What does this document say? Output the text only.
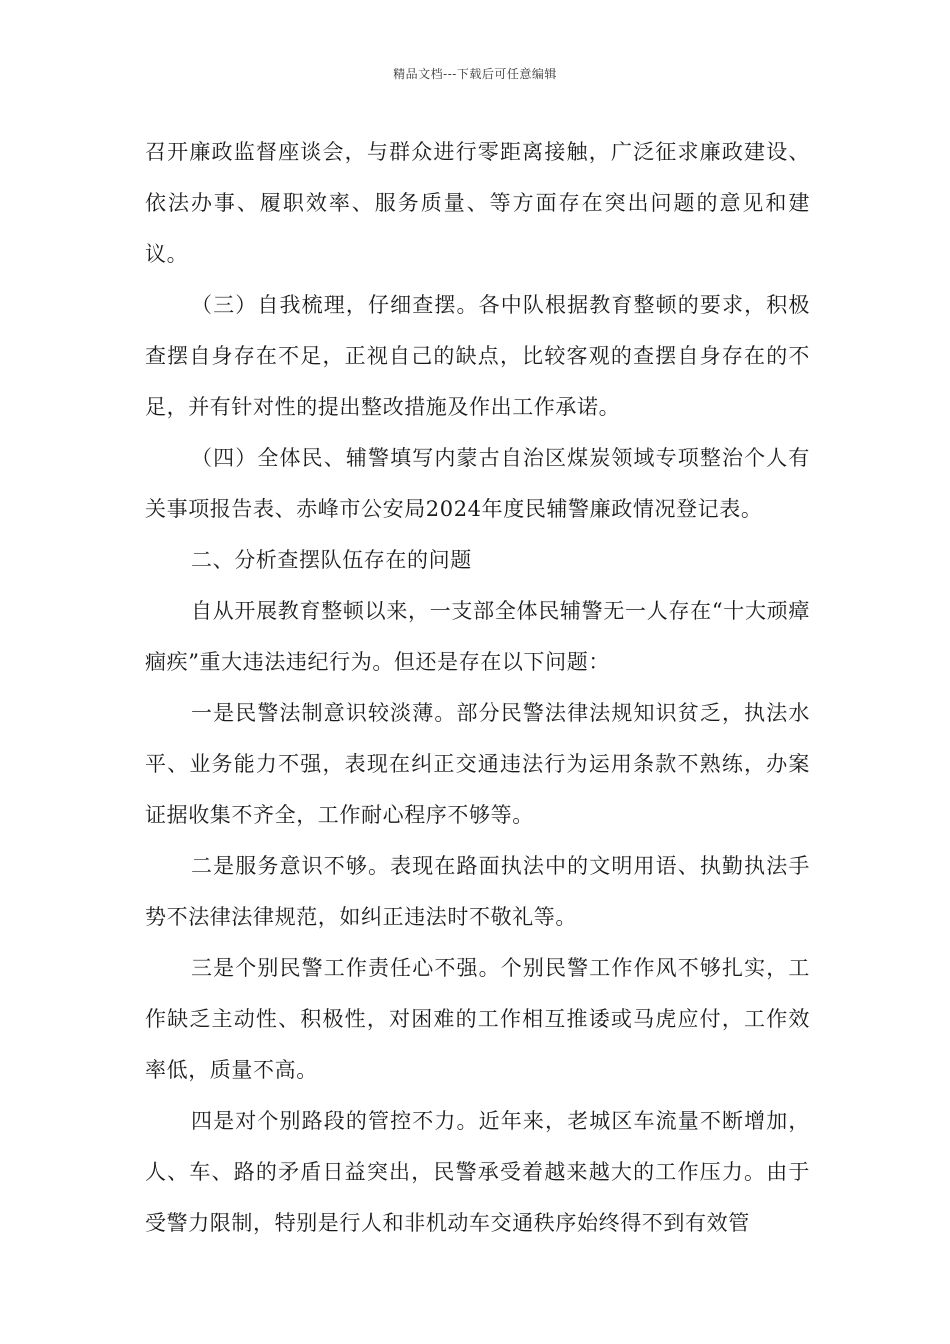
精品文档---下载后可任意编辑

召开廉政监督座谈会，与群众进行零距离接触，广泛征求廉政建设、依法办事、履职效率、服务质量、等方面存在突出问题的意见和建议。

（三）自我梳理，仔细查摆。各中队根据教育整顿的要求，积极查摆自身存在不足，正视自己的缺点，比较客观的查摆自身存在的不足，并有针对性的提出整改措施及作出工作承诺。

（四）全体民、辅警填写内蒙古自治区煤炭领域专项整治个人有关事项报告表、赤峰市公安局2024年度民辅警廉政情况登记表。

二、分析查摆队伍存在的问题

自从开展教育整顿以来，一支部全体民辅警无一人存在“十大顽瘴痼疾”重大违法违纪行为。但还是存在以下问题：

一是民警法制意识较淡薄。部分民警法律法规知识贫乏，执法水平、业务能力不强，表现在纠正交通违法行为运用条款不熟练，办案证据收集不齐全，工作耐心程序不够等。

二是服务意识不够。表现在路面执法中的文明用语、执勤执法手势不法律法律规范，如纠正违法时不敬礼等。

三是个别民警工作责任心不强。个别民警工作作风不够扎实，工作缺乏主动性、积极性，对困难的工作相互推诿或马虎应付，工作效率低，质量不高。

四是对个别路段的管控不力。近年来，老城区车流量不断增加，人、车、路的矛盾日益突出，民警承受着越来越大的工作压力。由于受警力限制，特别是行人和非机动车交通秩序始终得不到有效管
